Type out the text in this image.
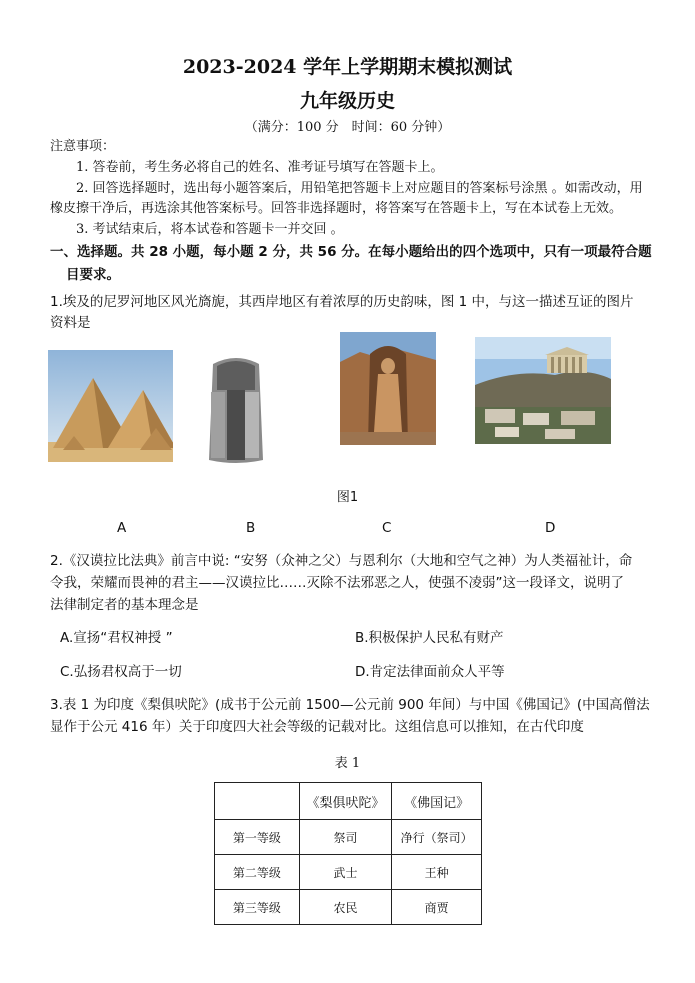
2023-2024 学年上学期期末模拟测试
九年级历史
（满分：100 分　时间：60 分钟）
注意事项：
1. 答卷前，考生务必将自己的姓名、准考证号填写在答题卡上。
2. 回答选择题时，选出每小题答案后，用铅笔把答题卡上对应题目的答案标号涂黑 。如需改动，用
橡皮擦干净后，再选涂其他答案标号。回答非选择题时，将答案写在答题卡上，写在本试卷上无效。
3. 考试结束后，将本试卷和答题卡一并交回 。
一、选择题。共 28 小题，每小题 2 分，共 56 分。在每小题给出的四个选项中，只有一项最符合题
目要求。
1.埃及的尼罗河地区风光旖旎，其西岸地区有着浓厚的历史韵味，图 1 中，与这一描述互证的图片
资料是
图1
A	B	C	D
2.《汉谟拉比法典》前言中说: “安努（众神之父）与恩利尔（大地和空气之神）为人类福祉计，命
令我，荣耀而畏神的君主——汉谟拉比……灭除不法邪恶之人，使强不凌弱”这一段译文，说明了
法律制定者的基本理念是
A.宣扬“君权神授 ”	B.积极保护人民私有财产
C.弘扬君权高于一切	D.肯定法律面前众人平等
3.表 1 为印度《梨俱吠陀》(成书于公元前 1500—公元前 900 年间）与中国《佛国记》(中国高僧法
显作于公元 416 年）关于印度四大社会等级的记载对比。这组信息可以推知，在古代印度
表 1
	《梨俱吠陀》	《佛国记》
第一等级	祭司	净行（祭司）
第二等级	武士	王种
第三等级	农民	商贾
